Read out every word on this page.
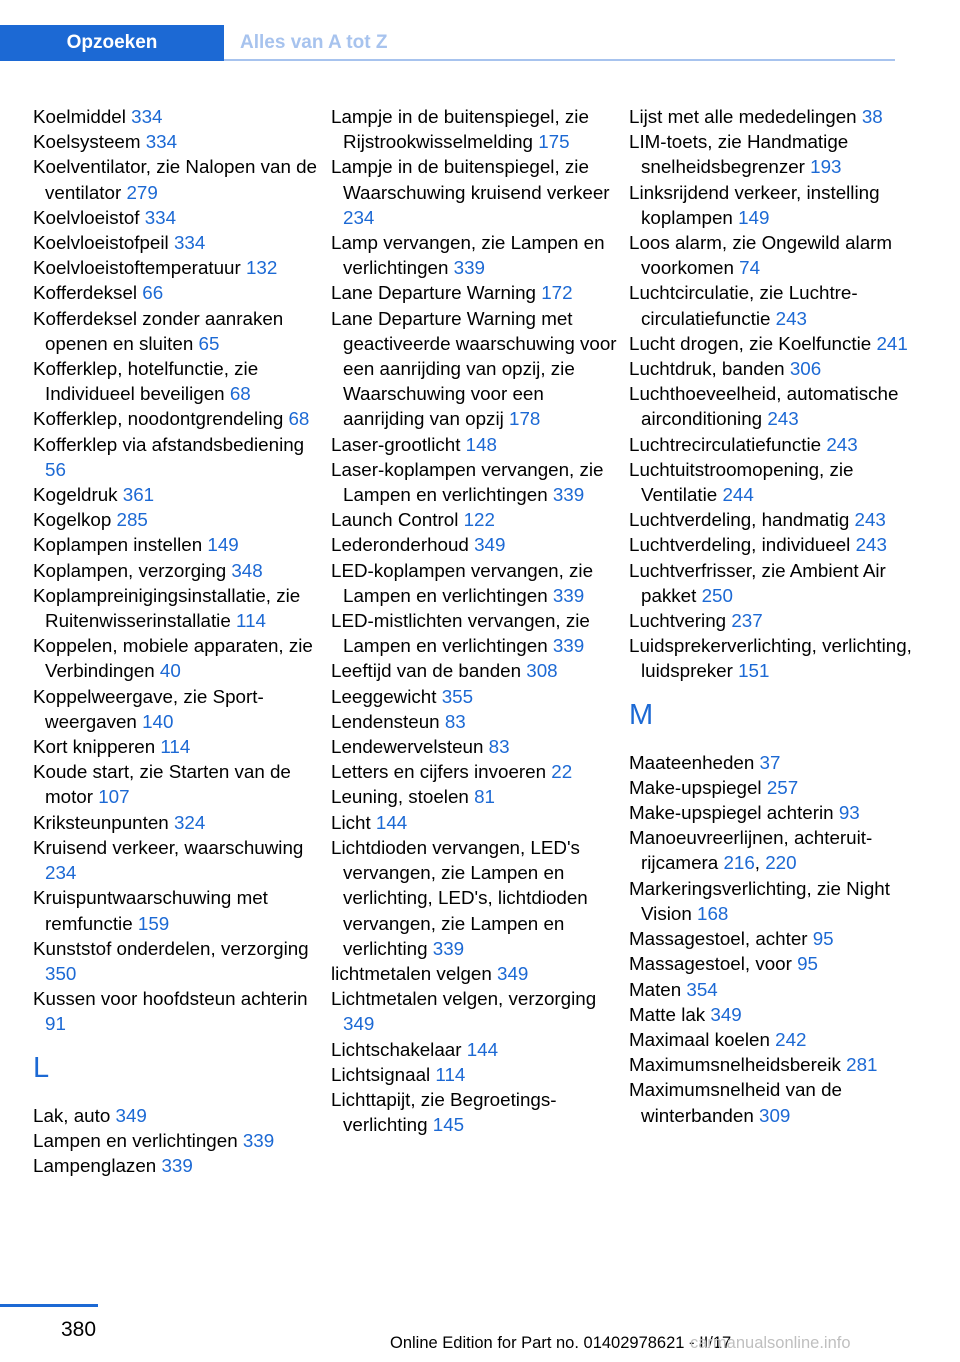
Opzoeken	Alles van A tot Z
Koelmiddel 334
Koelsysteem 334
Koelventilator, zie Nalopen van de ventilator 279
Koelvloeistof 334
Koelvloeistofpeil 334
Koelvloeistoftemperatuur 132
Kofferdeksel 66
Kofferdeksel zonder aanraken openen en sluiten 65
Kofferklep, hotelfunctie, zie Individueel beveiligen 68
Kofferklep, noodontgrendeling 68
Kofferklep via afstandsbediening 56
Kogeldruk 361
Kogelkop 285
Koplampen instellen 149
Koplampen, verzorging 348
Koplampreinigingsinstallatie, zie Ruitenwisserinstallatie 114
Koppelen, mobiele apparaten, zie Verbindingen 40
Koppelweergave, zie Sportweergaven 140
Kort knipperen 114
Koude start, zie Starten van de motor 107
Kriksteunpunten 324
Kruisend verkeer, waarschuwing 234
Kruispuntwaarschuwing met remfunctie 159
Kunststof onderdelen, verzorging 350
Kussen voor hoofdsteun achterin 91
L
Lak, auto 349
Lampen en verlichtingen 339
Lampenglazen 339
Lampje in de buitenspiegel, zie Rijstrookwisselmelding 175
Lampje in de buitenspiegel, zie Waarschuwing kruisend verkeer 234
Lamp vervangen, zie Lampen en verlichtingen 339
Lane Departure Warning 172
Lane Departure Warning met geactiveerde waarschuwing voor een aanrijding van opzij, zie Waarschuwing voor een aanrijding van opzij 178
Laser-grootlicht 148
Laser-koplampen vervangen, zie Lampen en verlichtingen 339
Launch Control 122
Lederonderhoud 349
LED-koplampen vervangen, zie Lampen en verlichtingen 339
LED-mistlichten vervangen, zie Lampen en verlichtingen 339
Leeftijd van de banden 308
Leeggewicht 355
Lendensteun 83
Lendewervelsteun 83
Letters en cijfers invoeren 22
Leuning, stoelen 81
Licht 144
Lichtdioden vervangen, LED's vervangen, zie Lampen en verlichting, LED's, lichtdioden vervangen, zie Lampen en verlichting 339
lichtmetalen velgen 349
Lichtmetalen velgen, verzorging 349
Lichtschakelaar 144
Lichtsignaal 114
Lichttapijt, zie Begroetingsverlichting 145
Lijst met alle mededelingen 38
LIM-toets, zie Handmatige snelheidsbegrenzer 193
Linksrijdend verkeer, instelling koplampen 149
Loos alarm, zie Ongewild alarm voorkomen 74
Luchtcirculatie, zie Luchtrecirculatiefunctie 243
Lucht drogen, zie Koelfunctie 241
Luchtdruk, banden 306
Luchthoeveelheid, automatische airconditioning 243
Luchtrecirculatiefunctie 243
Luchtuitstroomopening, zie Ventilatie 244
Luchtverdeling, handmatig 243
Luchtverdeling, individueel 243
Luchtverfrisser, zie Ambient Air pakket 250
Luchtvering 237
Luidsprekerverlichting, verlichting, luidspreker 151
M
Maateenheden 37
Make-upspiegel 257
Make-upspiegel achterin 93
Manoeuvreerlijnen, achteruitrijcamera 216, 220
Markeringsverlichting, zie Night Vision 168
Massagestoel, achter 95
Massagestoel, voor 95
Maten 354
Matte lak 349
Maximaal koelen 242
Maximumsnelheidsbereik 281
Maximumsnelheid van de winterbanden 309
380
Online Edition for Part no. 01402978621 - II/17
carmanualsonline.info
